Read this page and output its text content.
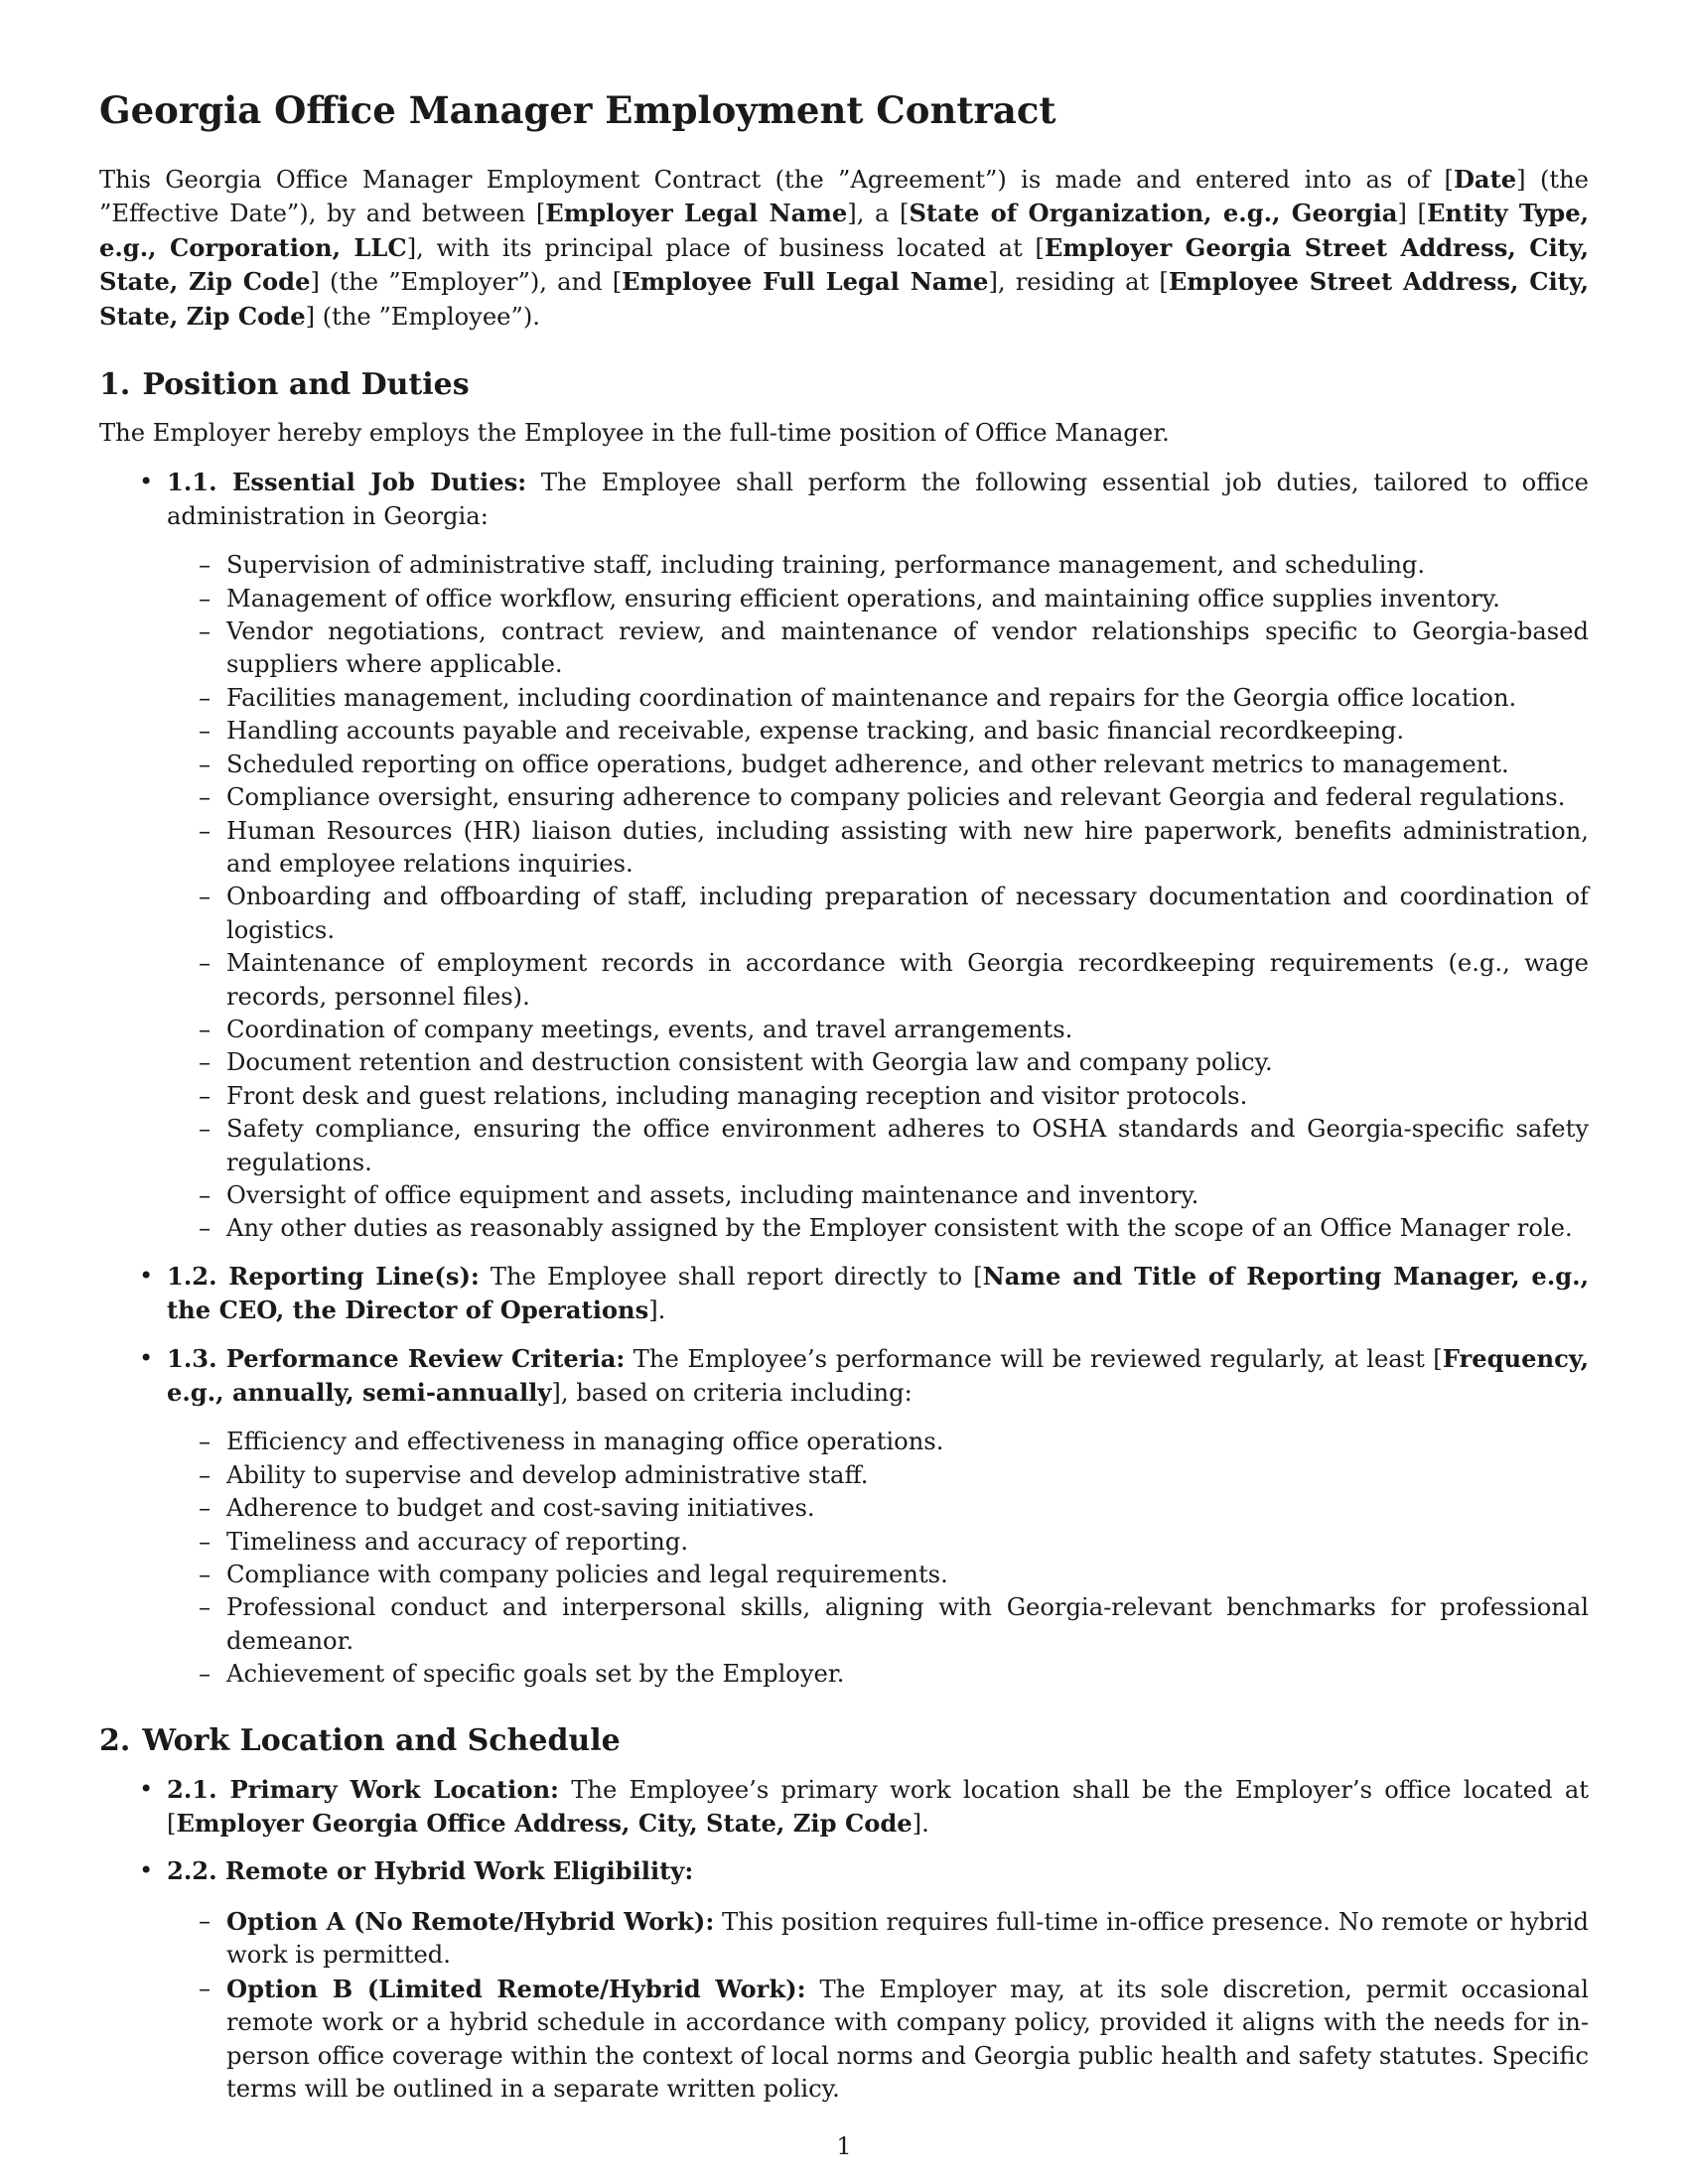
Georgia Office Manager Employment Contract

This Georgia Office Manager Employment Contract (the ”Agreement”) is made and entered into as of [Date] (the ”Effective Date”), by and between [Employer Legal Name], a [State of Organization, e.g., Georgia] [Entity Type, e.g., Corporation, LLC], with its principal place of business located at [Employer Georgia Street Address, City, State, Zip Code] (the ”Employer”), and [Employee Full Legal Name], residing at [Employee Street Address, City, State, Zip Code] (the ”Employee”).

1. Position and Duties

The Employer hereby employs the Employee in the full-time position of Office Manager.

• 1.1. Essential Job Duties: The Employee shall perform the following essential job duties, tailored to office administration in Georgia:
– Supervision of administrative staff, including training, performance management, and scheduling.
– Management of office workflow, ensuring efficient operations, and maintaining office supplies inventory.
– Vendor negotiations, contract review, and maintenance of vendor relationships specific to Georgia-based suppliers where applicable.
– Facilities management, including coordination of maintenance and repairs for the Georgia office location.
– Handling accounts payable and receivable, expense tracking, and basic financial recordkeeping.
– Scheduled reporting on office operations, budget adherence, and other relevant metrics to management.
– Compliance oversight, ensuring adherence to company policies and relevant Georgia and federal regulations.
– Human Resources (HR) liaison duties, including assisting with new hire paperwork, benefits administration, and employee relations inquiries.
– Onboarding and offboarding of staff, including preparation of necessary documentation and coordination of logistics.
– Maintenance of employment records in accordance with Georgia recordkeeping requirements (e.g., wage records, personnel files).
– Coordination of company meetings, events, and travel arrangements.
– Document retention and destruction consistent with Georgia law and company policy.
– Front desk and guest relations, including managing reception and visitor protocols.
– Safety compliance, ensuring the office environment adheres to OSHA standards and Georgia-specific safety regulations.
– Oversight of office equipment and assets, including maintenance and inventory.
– Any other duties as reasonably assigned by the Employer consistent with the scope of an Office Manager role.
• 1.2. Reporting Line(s): The Employee shall report directly to [Name and Title of Reporting Manager, e.g., the CEO, the Director of Operations].
• 1.3. Performance Review Criteria: The Employee’s performance will be reviewed regularly, at least [Frequency, e.g., annually, semi-annually], based on criteria including:
– Efficiency and effectiveness in managing office operations.
– Ability to supervise and develop administrative staff.
– Adherence to budget and cost-saving initiatives.
– Timeliness and accuracy of reporting.
– Compliance with company policies and legal requirements.
– Professional conduct and interpersonal skills, aligning with Georgia-relevant benchmarks for professional demeanor.
– Achievement of specific goals set by the Employer.
2. Work Location and Schedule
• 2.1. Primary Work Location: The Employee’s primary work location shall be the Employer’s office located at [Employer Georgia Office Address, City, State, Zip Code].
• 2.2. Remote or Hybrid Work Eligibility:
– Option A (No Remote/Hybrid Work): This position requires full-time in-office presence. No remote or hybrid work is permitted.
– Option B (Limited Remote/Hybrid Work): The Employer may, at its sole discretion, permit occasional remote work or a hybrid schedule in accordance with company policy, provided it aligns with the needs for in-person office coverage within the context of local norms and Georgia public health and safety statutes. Specific terms will be outlined in a separate written policy.
1
